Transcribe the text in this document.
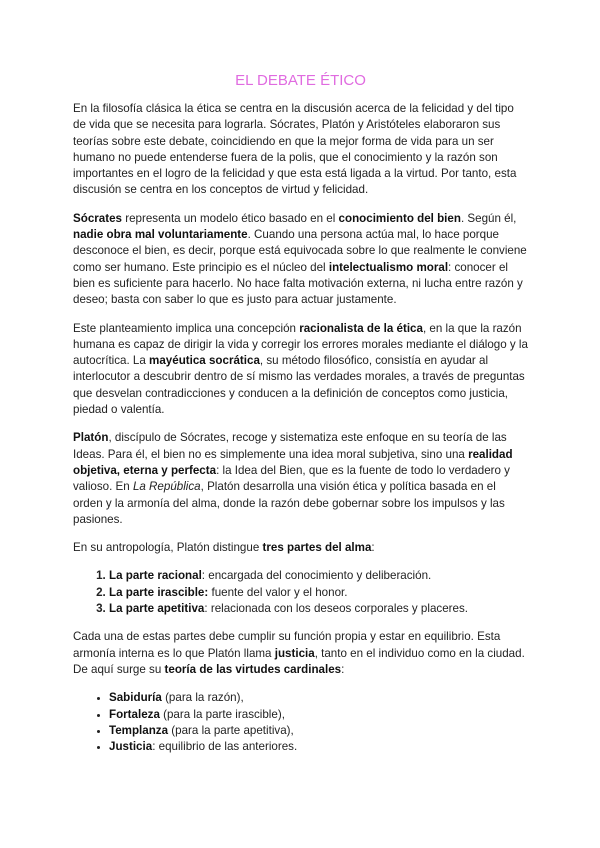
EL DEBATE ÉTICO

En la filosofía clásica la ética se centra en la discusión acerca de la felicidad y del tipo de vida que se necesita para lograrla. Sócrates, Platón y Aristóteles elaboraron sus teorías sobre este debate, coincidiendo en que la mejor forma de vida para un ser humano no puede entenderse fuera de la polis, que el conocimiento y la razón son importantes en el logro de la felicidad y que esta está ligada a la virtud. Por tanto, esta discusión se centra en los conceptos de virtud y felicidad.

Sócrates representa un modelo ético basado en el conocimiento del bien. Según él, nadie obra mal voluntariamente. Cuando una persona actúa mal, lo hace porque desconoce el bien, es decir, porque está equivocada sobre lo que realmente le conviene como ser humano. Este principio es el núcleo del intelectualismo moral: conocer el bien es suficiente para hacerlo. No hace falta motivación externa, ni lucha entre razón y deseo; basta con saber lo que es justo para actuar justamente.

Este planteamiento implica una concepción racionalista de la ética, en la que la razón humana es capaz de dirigir la vida y corregir los errores morales mediante el diálogo y la autocrítica. La mayéutica socrática, su método filosófico, consistía en ayudar al interlocutor a descubrir dentro de sí mismo las verdades morales, a través de preguntas que desvelan contradicciones y conducen a la definición de conceptos como justicia, piedad o valentía.

Platón, discípulo de Sócrates, recoge y sistematiza este enfoque en su teoría de las Ideas. Para él, el bien no es simplemente una idea moral subjetiva, sino una realidad objetiva, eterna y perfecta: la Idea del Bien, que es la fuente de todo lo verdadero y valioso. En La República, Platón desarrolla una visión ética y política basada en el orden y la armonía del alma, donde la razón debe gobernar sobre los impulsos y las pasiones.

En su antropología, Platón distingue tres partes del alma:

1. La parte racional: encargada del conocimiento y deliberación.
2. La parte irascible: fuente del valor y el honor.
3. La parte apetitiva: relacionada con los deseos corporales y placeres.

Cada una de estas partes debe cumplir su función propia y estar en equilibrio. Esta armonía interna es lo que Platón llama justicia, tanto en el individuo como en la ciudad. De aquí surge su teoría de las virtudes cardinales:

• Sabiduría (para la razón),
• Fortaleza (para la parte irascible),
• Templanza (para la parte apetitiva),
• Justicia: equilibrio de las anteriores.
